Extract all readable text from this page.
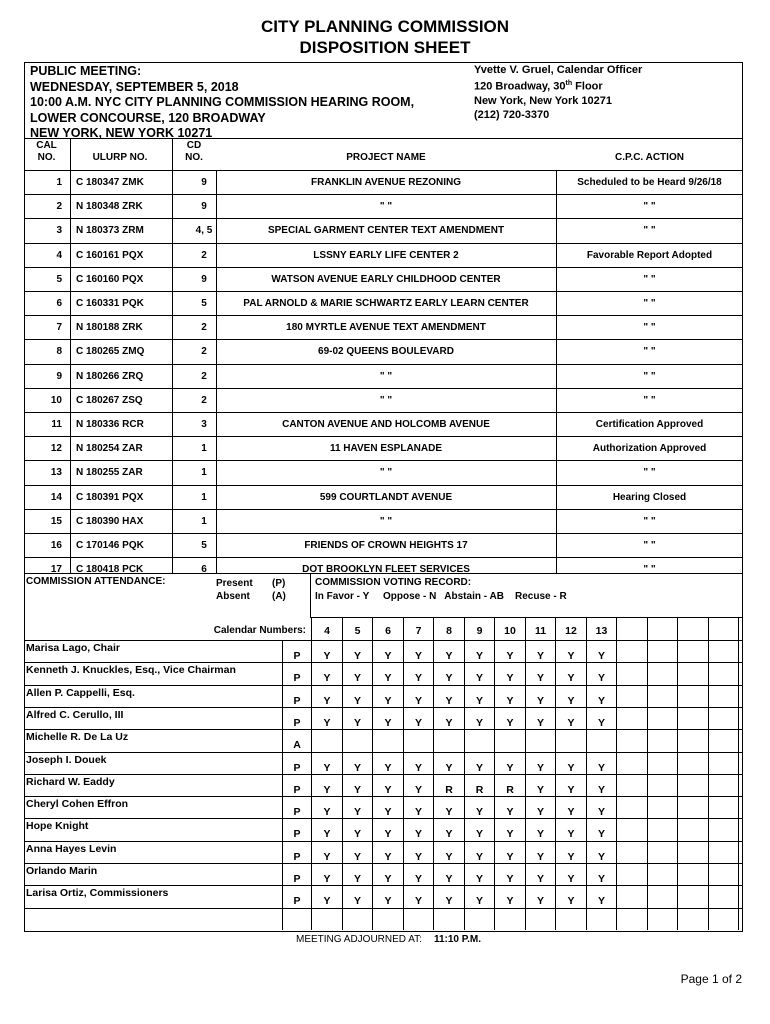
CITY PLANNING COMMISSION
DISPOSITION SHEET
PUBLIC MEETING:
WEDNESDAY, SEPTEMBER 5, 2018
10:00 A.M. NYC CITY PLANNING COMMISSION HEARING ROOM,
LOWER CONCOURSE, 120 BROADWAY
NEW YORK, NEW YORK 10271
Yvette V. Gruel, Calendar Officer
120 Broadway, 30th Floor
New York, New York 10271
(212) 720-3370
CAL
NO.	ULURP NO.
CD
NO.	PROJECT NAME	C.P.C. ACTION
1 C 180347 ZMK	9	FRANKLIN AVENUE REZONING	Scheduled to be Heard 9/26/18
2 N 180348 ZRK	9	" "	" "
3 N 180373 ZRM	4, 5	SPECIAL GARMENT CENTER TEXT AMENDMENT	" "
4 C 160161 PQX	2	LSSNY EARLY LIFE CENTER 2	Favorable Report Adopted
5 C 160160 PQX	9	WATSON AVENUE EARLY CHILDHOOD CENTER	" "
6 C 160331 PQK	5	PAL ARNOLD & MARIE SCHWARTZ EARLY LEARN CENTER	" "
7 N 180188 ZRK	2	180 MYRTLE AVENUE TEXT AMENDMENT	" "
8 C 180265 ZMQ	2	69-02 QUEENS BOULEVARD	" "
9 N 180266 ZRQ	2	" "	" "
10 C 180267 ZSQ	2	" "	" "
11 N 180336 RCR	3	CANTON AVENUE AND HOLCOMB AVENUE	Certification Approved
12 N 180254 ZAR	1	11 HAVEN ESPLANADE	Authorization Approved
13 N 180255 ZAR	1	" "	" "
14 C 180391 PQX	1	599 COURTLANDT AVENUE	Hearing Closed
15 C 180390 HAX	1	" "	" "
16 C 170146 PQK	5	FRIENDS OF CROWN HEIGHTS 17	" "
17 C 180418 PCK	6	DOT BROOKLYN FLEET SERVICES	" "
COMMISSION ATTENDANCE:	Present (P)
Absent (A)
COMMISSION VOTING RECORD:
In Favor - Y     Oppose - N   Abstain - AB    Recuse - R
Calendar Numbers:	4	5	6	7	8	9	10	11	12	13
Marisa Lago, Chair
P	Y	Y	Y	Y	Y	Y	Y	Y	Y	Y
Kenneth J. Knuckles, Esq., Vice Chairman
P	Y	Y	Y	Y	Y	Y	Y	Y	Y	Y
Allen P. Cappelli, Esq.
P	Y	Y	Y	Y	Y	Y	Y	Y	Y	Y
Alfred C. Cerullo, III
P	Y	Y	Y	Y	Y	Y	Y	Y	Y	Y
Michelle R. De La Uz
A
Joseph I. Douek
P	Y	Y	Y	Y	Y	Y	Y	Y	Y	Y
Richard W. Eaddy
P	Y	Y	Y	Y	R	R	R	Y	Y	Y
Cheryl Cohen Effron
P	Y	Y	Y	Y	Y	Y	Y	Y	Y	Y
Hope Knight
P	Y	Y	Y	Y	Y	Y	Y	Y	Y	Y
Anna Hayes Levin
P	Y	Y	Y	Y	Y	Y	Y	Y	Y	Y
Orlando Marin
P	Y	Y	Y	Y	Y	Y	Y	Y	Y	Y
Larisa Ortiz, Commissioners
P	Y	Y	Y	Y	Y	Y	Y	Y	Y	Y
MEETING ADJOURNED AT: 11:10 P.M.
Page 1 of 2
